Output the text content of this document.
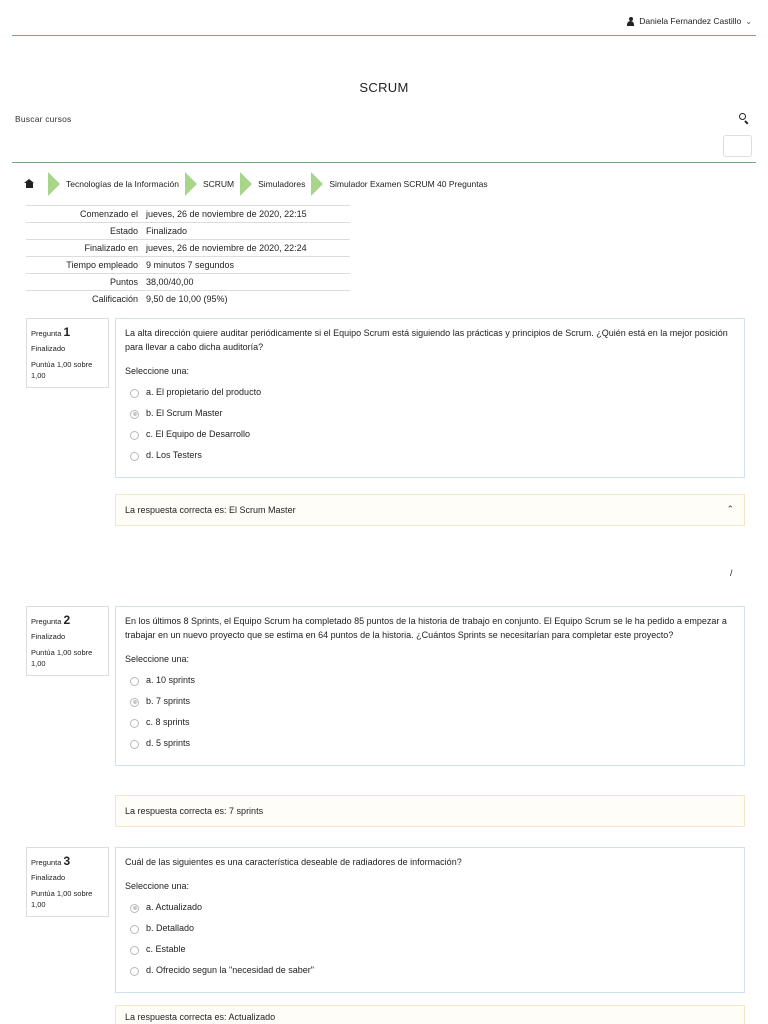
Daniela Fernandez Castillo ⌄
SCRUM
Buscar cursos
Tecnologías de la Información	SCRUM	Simuladores	Simulador Examen SCRUM 40 Preguntas
Comenzado el	jueves, 26 de noviembre de 2020, 22:15
Estado	Finalizado
Finalizado en	jueves, 26 de noviembre de 2020, 22:24
Tiempo empleado	9 minutos 7 segundos
Puntos	38,00/40,00
Calificación	9,50 de 10,00 (95%)
Pregunta 1
Finalizado
Puntúa 1,00 sobre 1,00
La alta dirección quiere auditar periódicamente si el Equipo Scrum está siguiendo las prácticas y principios de Scrum. ¿Quién está en la mejor posición para llevar a cabo dicha auditoría?
Seleccione una:
a. El propietario del producto
b. El Scrum Master
c. El Equipo de Desarrollo
d. Los Testers
La respuesta correcta es: El Scrum Master	⌃
/
Pregunta 2
Finalizado
Puntúa 1,00 sobre 1,00
En los últimos 8 Sprints, el Equipo Scrum ha completado 85 puntos de la historia de trabajo en conjunto. El Equipo Scrum se le ha pedido a empezar a trabajar en un nuevo proyecto que se estima en 64 puntos de la historia. ¿Cuántos Sprints se necesitarían para completar este proyecto?
Seleccione una:
a. 10 sprints
b. 7 sprints
c. 8 sprints
d. 5 sprints
La respuesta correcta es: 7 sprints
Pregunta 3
Finalizado
Puntúa 1,00 sobre 1,00
Cuál de las siguientes es una característica deseable de radiadores de información?
Seleccione una:
a. Actualizado
b. Detallado
c. Estable
d. Ofrecido segun la "necesidad de saber"
La respuesta correcta es: Actualizado
